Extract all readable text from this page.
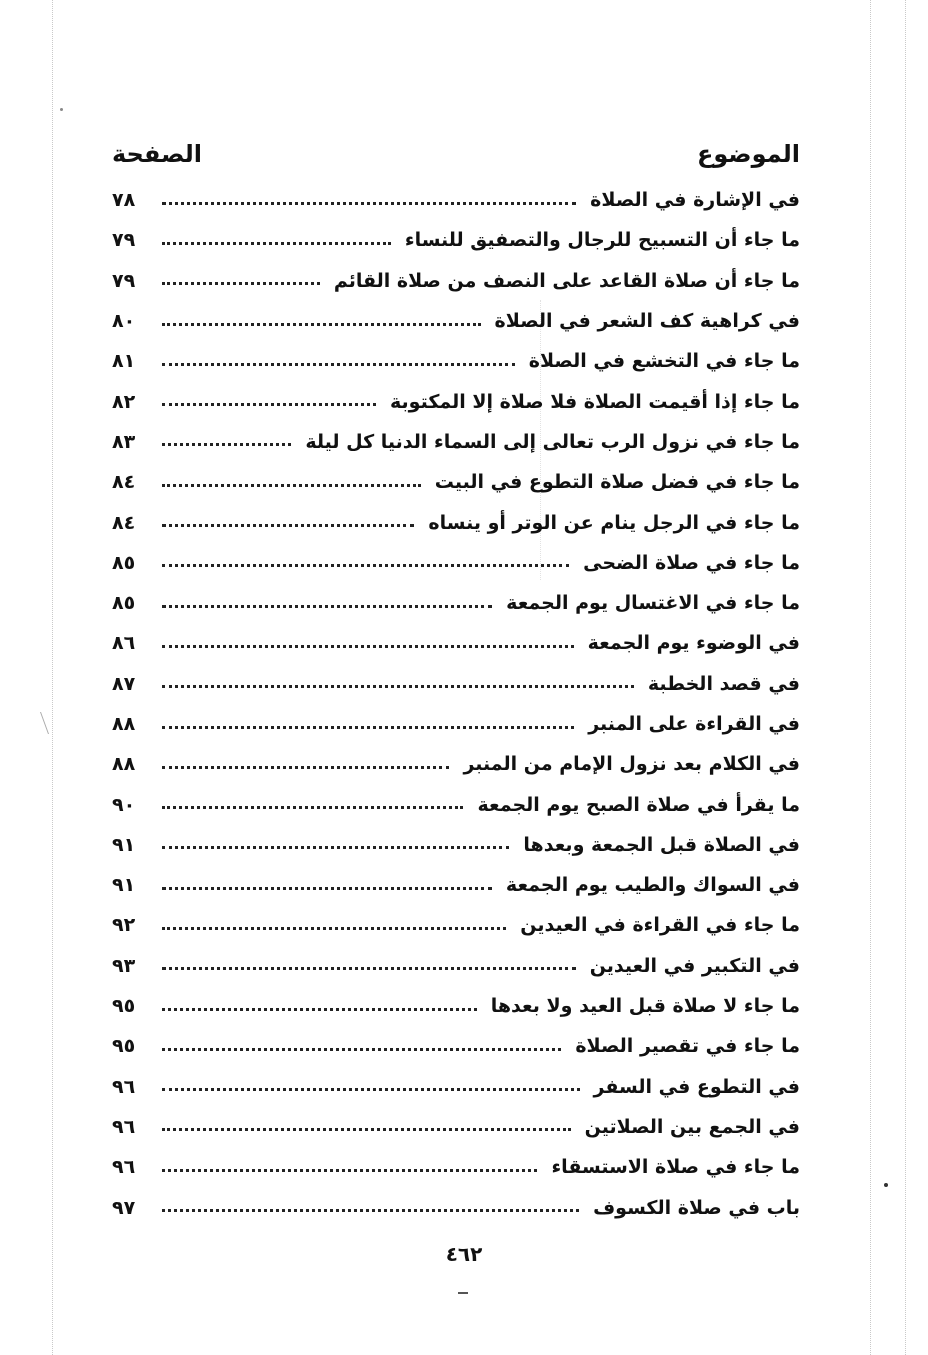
الموضوع
الصفحة
في الإشارة في الصلاة
٧٨
ما جاء أن التسبيح للرجال والتصفيق للنساء
٧٩
ما جاء أن صلاة القاعد على النصف من صلاة القائم
٧٩
في كراهية كف الشعر في الصلاة
٨٠
ما جاء في التخشع في الصلاة
٨١
ما جاء إذا أقيمت الصلاة فلا صلاة إلا المكتوبة
٨٢
ما جاء في نزول الرب تعالى إلى السماء الدنيا كل ليلة
٨٣
ما جاء في فضل صلاة التطوع في البيت
٨٤
ما جاء في الرجل ينام عن الوتر أو ينساه
٨٤
ما جاء في صلاة الضحى
٨٥
ما جاء في الاغتسال يوم الجمعة
٨٥
في الوضوء يوم الجمعة
٨٦
في قصد الخطبة
٨٧
في القراءة على المنبر
٨٨
في الكلام بعد نزول الإمام من المنبر
٨٨
ما يقرأ في صلاة الصبح يوم الجمعة
٩٠
في الصلاة قبل الجمعة وبعدها
٩١
في السواك والطيب يوم الجمعة
٩١
ما جاء في القراءة في العيدين
٩٢
في التكبير في العيدين
٩٣
ما جاء لا صلاة قبل العيد ولا بعدها
٩٥
ما جاء في تقصير الصلاة
٩٥
في التطوع في السفر
٩٦
في الجمع بين الصلاتين
٩٦
ما جاء في صلاة الاستسقاء
٩٦
باب في صلاة الكسوف
٩٧
٤٦٢
